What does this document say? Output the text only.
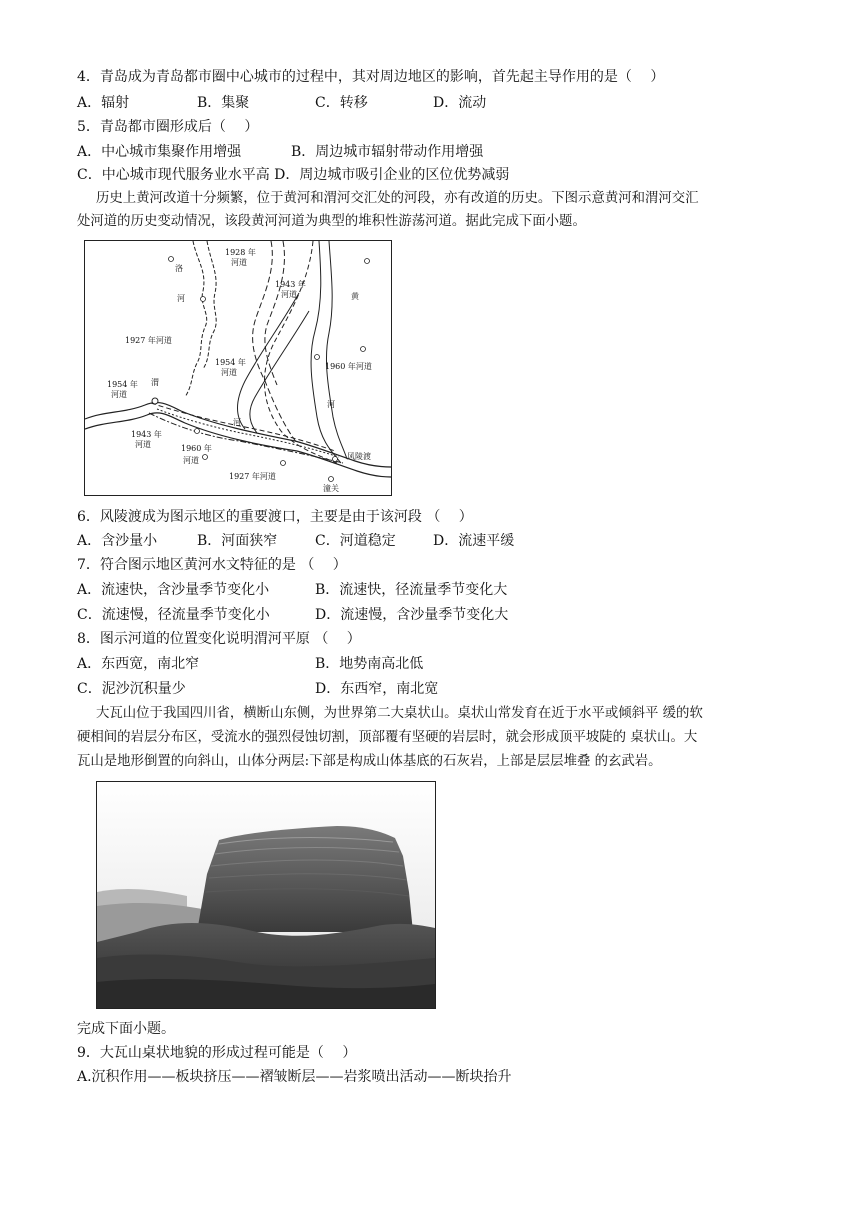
4．青岛成为青岛都市圈中心城市的过程中，其对周边地区的影响，首先起主导作用的是（　 ）
A．辐射	B．集聚	C．转移	D．流动
5．青岛都市圈形成后（　 ）
A．中心城市集聚作用增强	B．周边城市辐射带动作用增强
C．中心城市现代服务业水平高 D．周边城市吸引企业的区位优势减弱
历史上黄河改道十分频繁，位于黄河和渭河交汇处的河段，亦有改道的历史。下图示意黄河和渭河交汇
处河道的历史变动情况，该段黄河河道为典型的堆积性游荡河道。据此完成下面小题。
洛
河
1928 年
河道
1943 年
河道	黄
1927 年河道
1954 年
河道
1960 年河道
河
1954 年
河道
渭
河
1943 年
河道	1960 年
河道
1927 年河道
风陵渡
潼关
6．风陵渡成为图示地区的重要渡口，主要是由于该河段 （　 ）
A．含沙量小	B．河面狭窄	C．河道稳定	D．流速平缓
7．符合图示地区黄河水文特征的是 （　 ）
A．流速快，含沙量季节变化小	B．流速快，径流量季节变化大
C．流速慢，径流量季节变化小	D．流速慢，含沙量季节变化大
8．图示河道的位置变化说明渭河平原 （　 ）
A．东西宽，南北窄	B．地势南高北低
C．泥沙沉积量少	D．东西窄，南北宽
大瓦山位于我国四川省，横断山东侧，为世界第二大桌状山。桌状山常发育在近于水平或倾斜平 缓的软
硬相间的岩层分布区，受流水的强烈侵蚀切割，顶部覆有坚硬的岩层时，就会形成顶平坡陡的 桌状山。大
瓦山是地形倒置的向斜山，山体分两层:下部是构成山体基底的石灰岩，上部是层层堆叠 的玄武岩。
完成下面小题。
9．大瓦山桌状地貌的形成过程可能是（　 ）
A.沉积作用——板块挤压——褶皱断层——岩浆喷出活动——断块抬升
